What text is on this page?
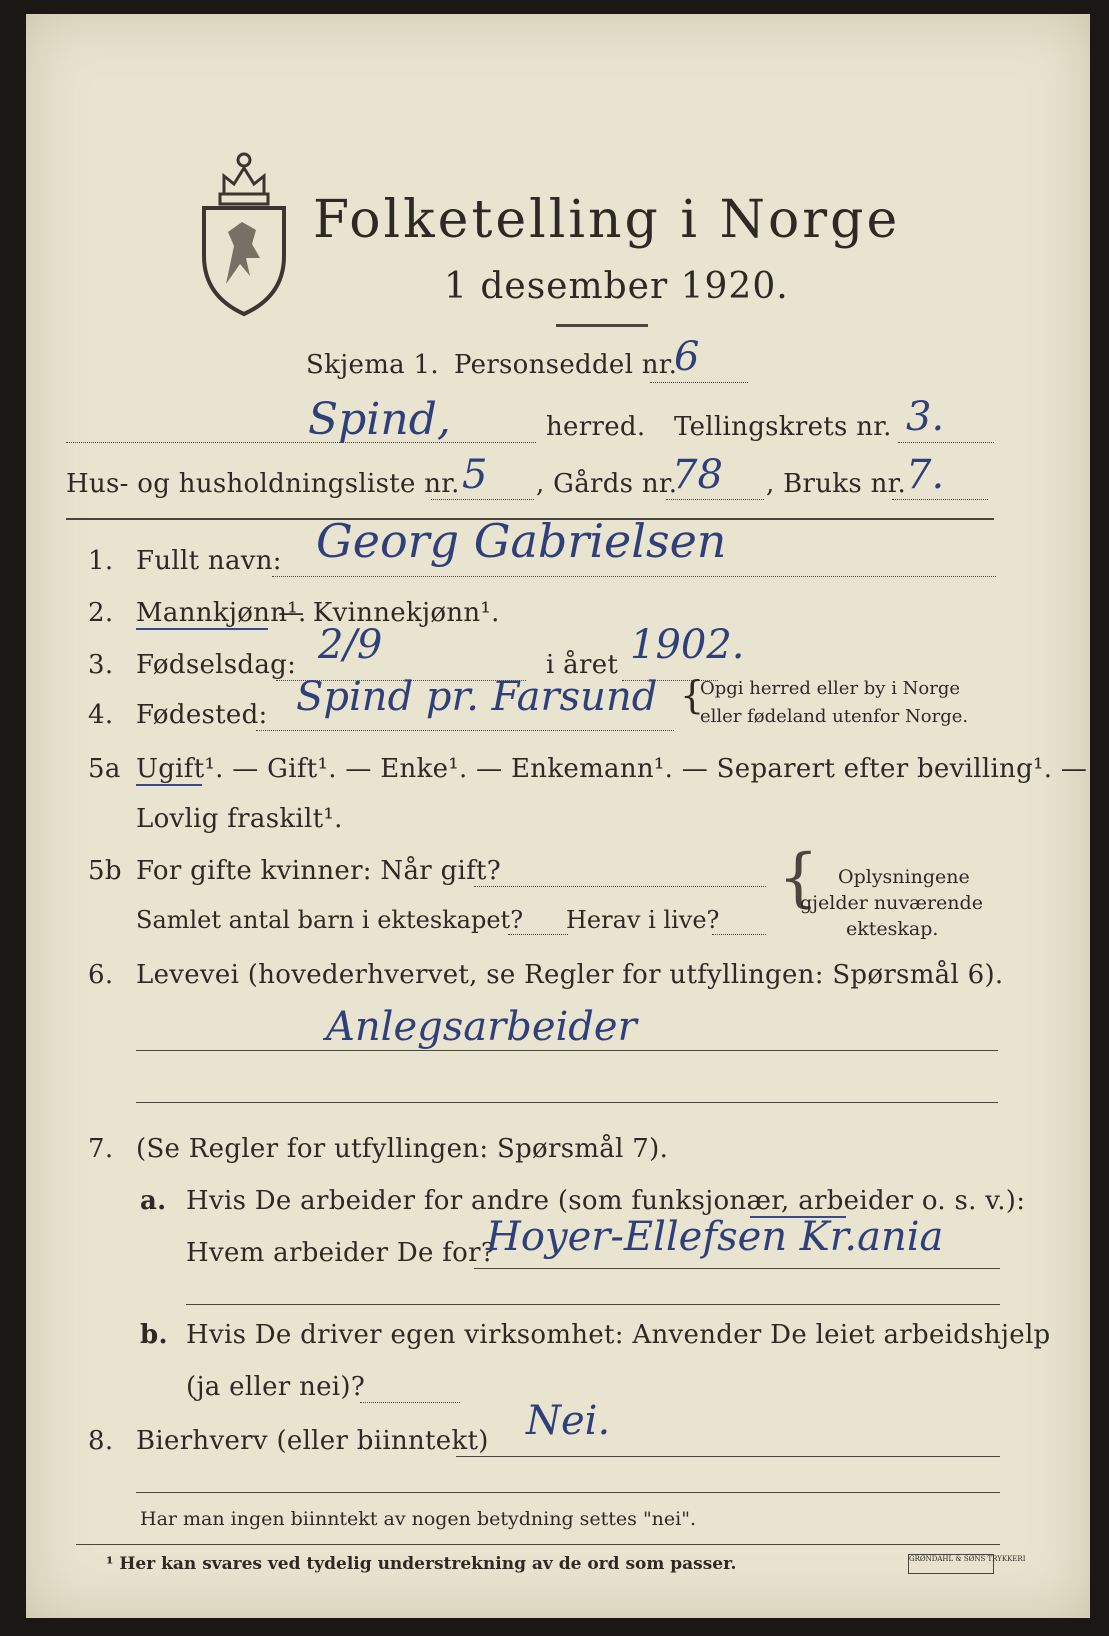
Folketelling i Norge
1 desember 1920.
Skjema 1. Personseddel nr.
6
Spind,	herred. Tellingskrets nr. 3.
Hus- og husholdningsliste nr. 5 , Gårds nr.
78 , Bruks nr. 7.
1. Fullt navn: Georg Gabrielsen
2. Mannkjønn¹.
— Kvinnekjønn¹.
3. Fødselsdag: 2/9	i året 1902.
4. Fødested: Spind pr. Farsund {
Opgi herred eller by i Norge
eller fødeland utenfor Norge.
5a Ugift¹. — Gift¹. — Enke¹. — Enkemann¹. — Separert efter bevilling¹. —
Lovlig fraskilt¹.
5b For gifte kvinner: Når gift?
Samlet antal barn i ekteskapet? Herav i live?
{ Oplysningene
gjelder nuværende
ekteskap.
6. Levevei (hovederhvervet, se Regler for utfyllingen: Spørsmål 6).
Anlegsarbeider
7. (Se Regler for utfyllingen: Spørsmål 7).
a. Hvis De arbeider for andre (som funksjonær, arbeider o. s. v.):
Hvem arbeider De for?
Hoyer-Ellefsen Kr.ania
b. Hvis De driver egen virksomhet: Anvender De leiet arbeidshjelp
(ja eller nei)?
8. Bierhverv (eller biinntekt) Nei.
Har man ingen biinntekt av nogen betydning settes "nei".
¹ Her kan svares ved tydelig understrekning av de ord som passer.	GRØNDAHL & SØNS TRYKKERI
